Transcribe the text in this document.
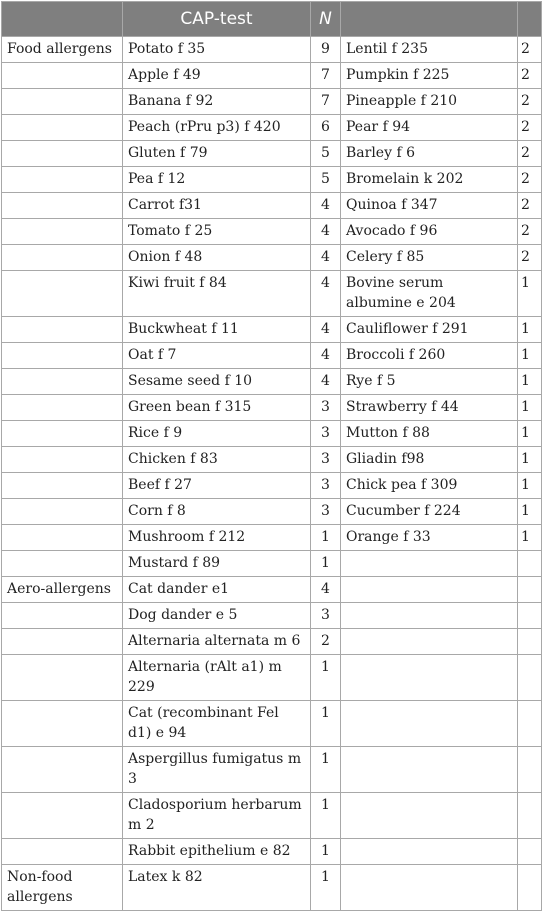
	CAP-test	N		
Food allergens	Potato f 35	9	Lentil f 235	2
	Apple f 49	7	Pumpkin f 225	2
	Banana f 92	7	Pineapple f 210	2
	Peach (rPru p3) f 420	6	Pear f 94	2
	Gluten f 79	5	Barley f 6	2
	Pea f 12	5	Bromelain k 202	2
	Carrot f31	4	Quinoa f 347	2
	Tomato f 25	4	Avocado f 96	2
	Onion f 48	4	Celery f 85	2
	Kiwi fruit f 84	4	Bovine serum albumine e 204	1
	Buckwheat f 11	4	Cauliflower f 291	1
	Oat f 7	4	Broccoli f 260	1
	Sesame seed f 10	4	Rye f 5	1
	Green bean f 315	3	Strawberry f 44	1
	Rice f 9	3	Mutton f 88	1
	Chicken f 83	3	Gliadin f98	1
	Beef f 27	3	Chick pea f 309	1
	Corn f 8	3	Cucumber f 224	1
	Mushroom f 212	1	Orange f 33	1
	Mustard f 89	1		
Aero-allergens	Cat dander e1	4		
	Dog dander e 5	3		
	Alternaria alternata m 6	2		
	Alternaria (rAlt a1) m 229	1		
	Cat (recombinant Fel d1) e 94	1		
	Aspergillus fumigatus m 3	1		
	Cladosporium herbarum m 2	1		
	Rabbit epithelium e 82	1		
Non-food allergens	Latex k 82	1		
